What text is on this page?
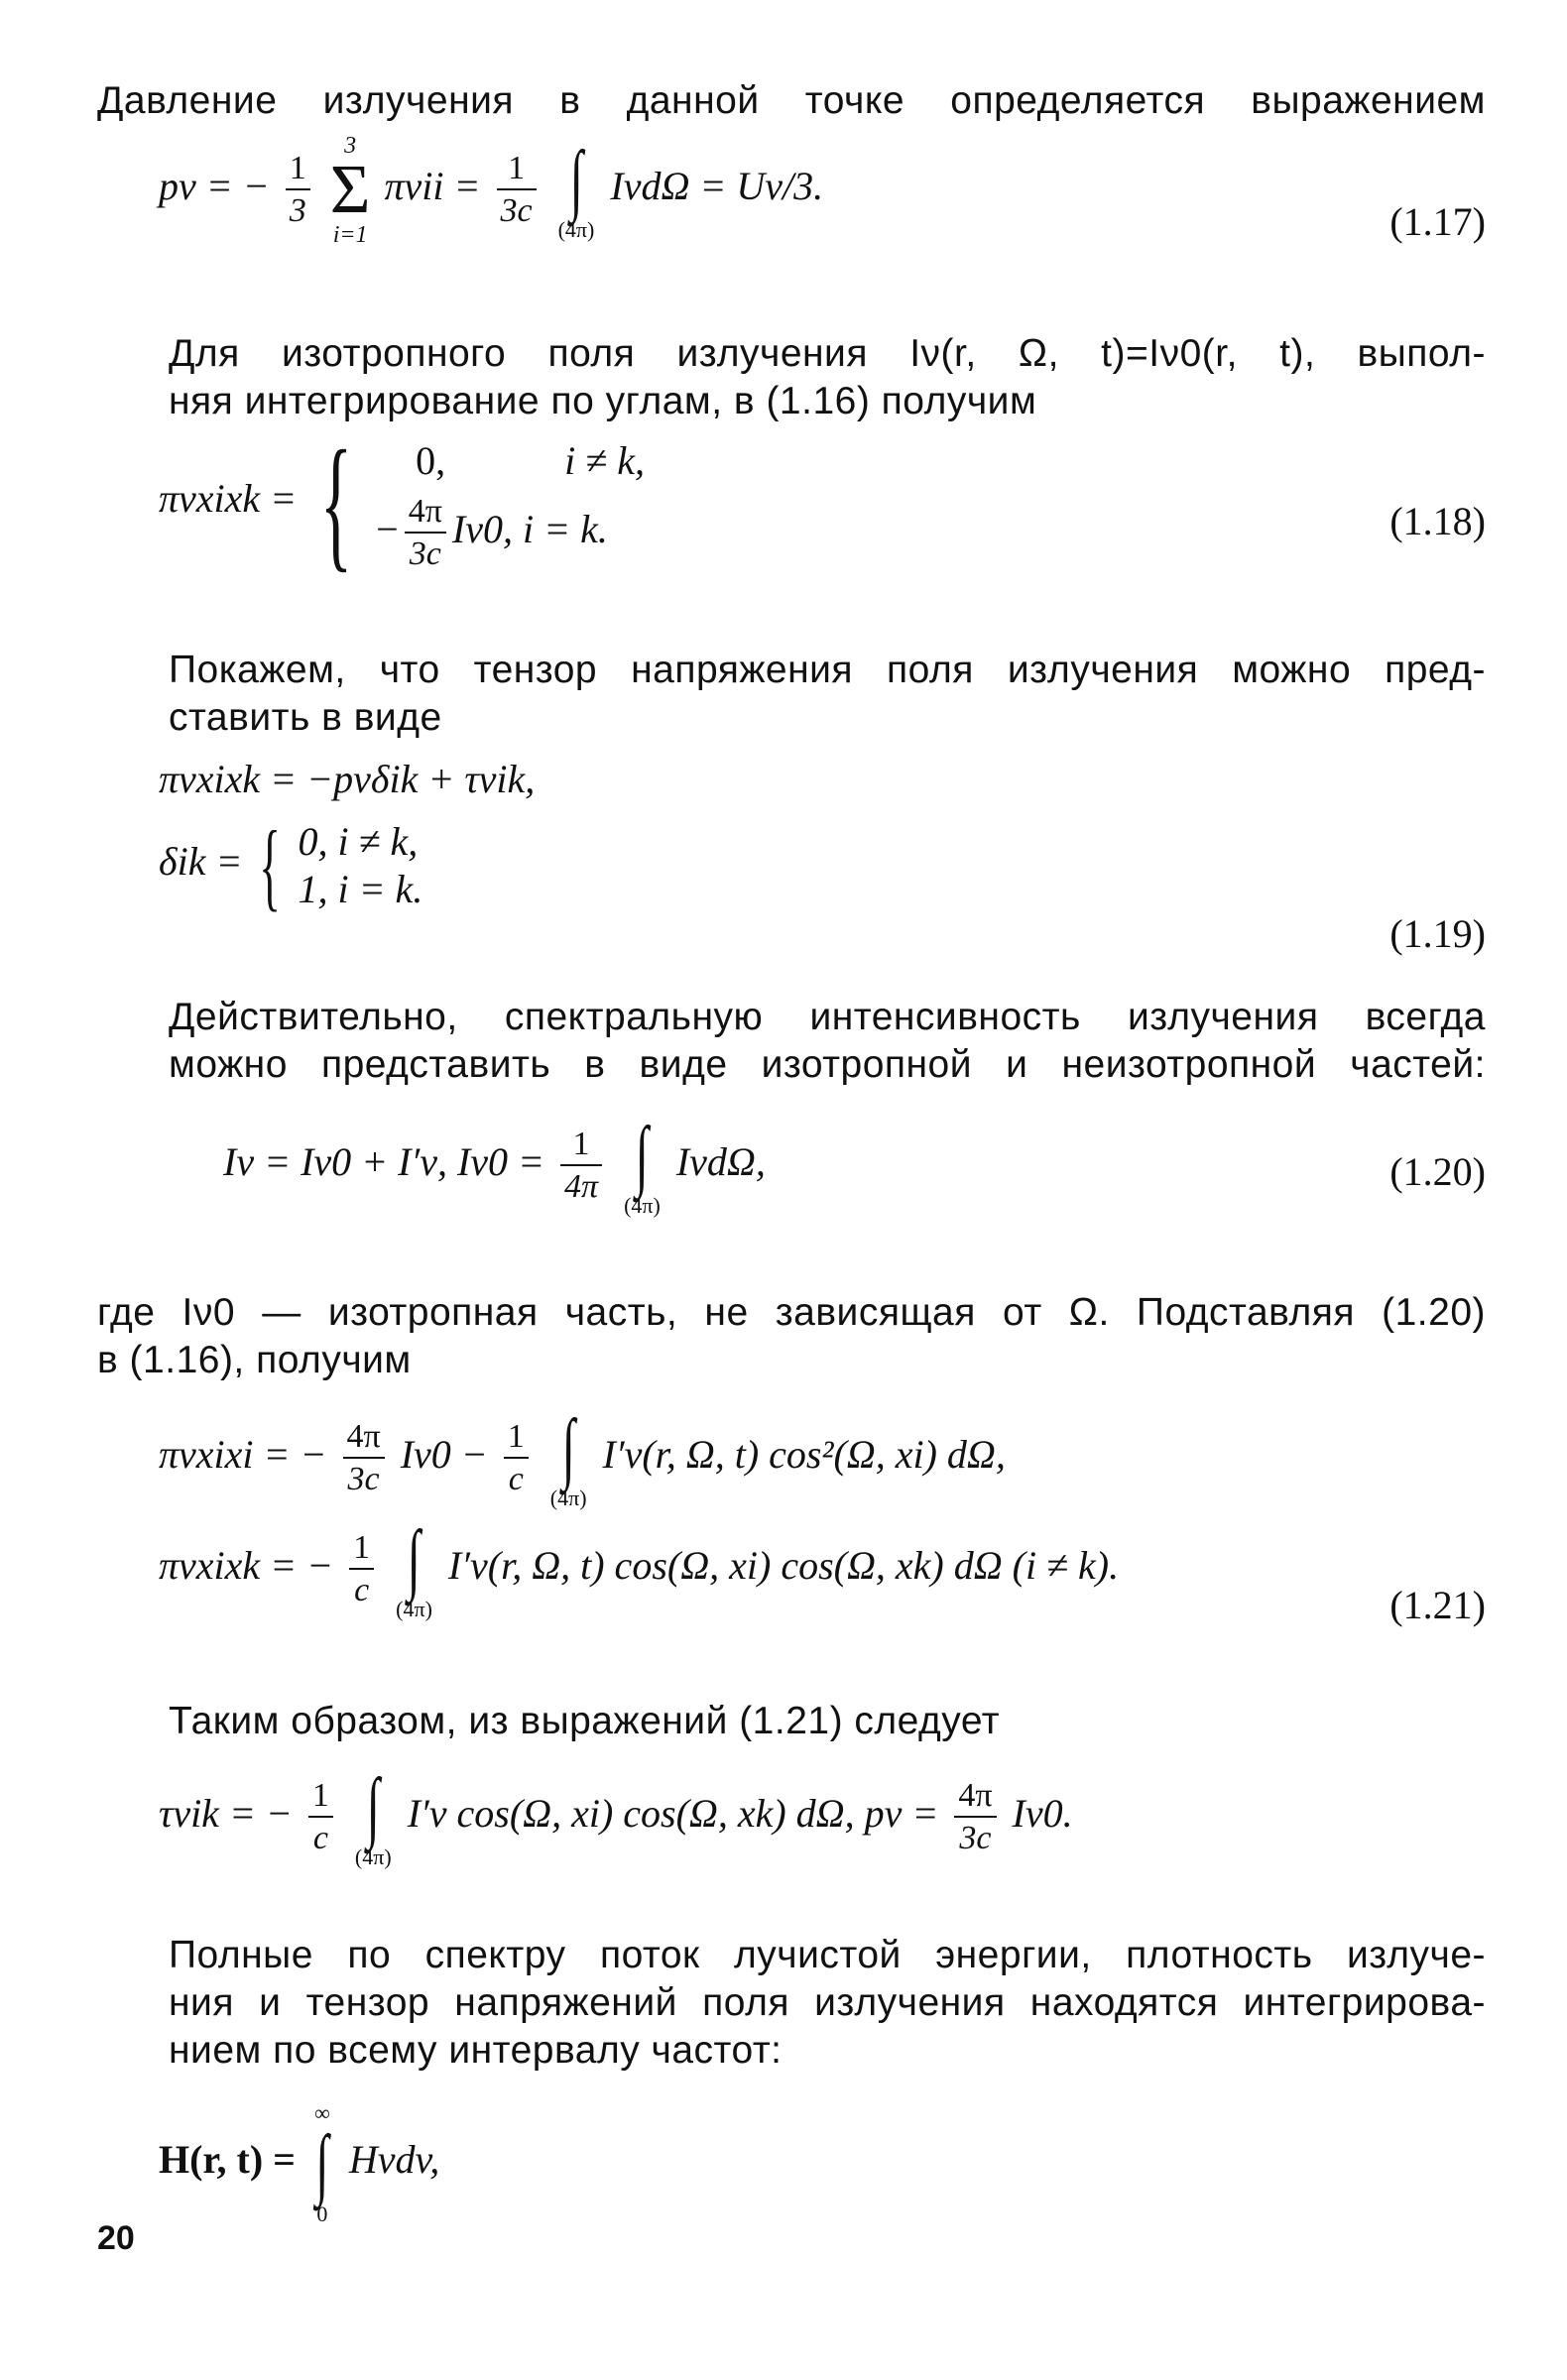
Давление излучения в данной точке определяется выражением

pν = − $\frac{1}{3}$

3
Σ
i=1
$\pi\nu ii = \frac{1}{3c}$
∫
(4π)
IνdΩ = Uν/3.
(1.17)

Для изотропного поля излучения Iν(r, Ω, t)=Iν0(r, t), выпол-
няя интегрирование по углам, в (1.16) получим

πνxixk = {	0,	i ≠ k,
− $\frac{4\pi}{3c} I\nu 0$, i = k.	(1.18)

Покажем, что тензор напряжения поля излучения можно пред-
ставить в виде

πνxixk = −pνδik + τνik,
δik = { 0, i ≠ k,
1, i = k.
(1.19)

Действительно, спектральную интенсивность излучения всегда
можно представить в виде изотропной и неизотропной частей:

Iν = Iν0 + I′ν, $I\nu 0 = \frac{1}{4\pi}$
∫
(4π)
IνdΩ,	(1.20)

где Iν0 — изотропная часть, не зависящая от Ω. Подставляя (1.20)
в (1.16), получим

πνxixi = − $\frac{4\pi}{3c} I\nu 0 - \frac{1}{c}$
∫
(4π)
I′ν(r, Ω, t) cos²(Ω, xi) dΩ,
πνxixk = − $\frac{1}{c}$
∫
(4π)
I′ν(r, Ω, t) cos(Ω, xi) cos(Ω, xk) dΩ (i ≠ k).
(1.21)

Таким образом, из выражений (1.21) следует

τνik = − $\frac{1}{c}$
∫
(4π)
I′ν cos(Ω, xi) cos(Ω, xk) dΩ, $p\nu = \frac{4\pi}{3c} I\nu 0$.

Полные по спектру поток лучистой энергии, плотность излуче-
ния и тензор напряжений поля излучения находятся интегрирова-
нием по всему интервалу частот:

H(r, t) =
∞
∫
0
Hνdv,
20
